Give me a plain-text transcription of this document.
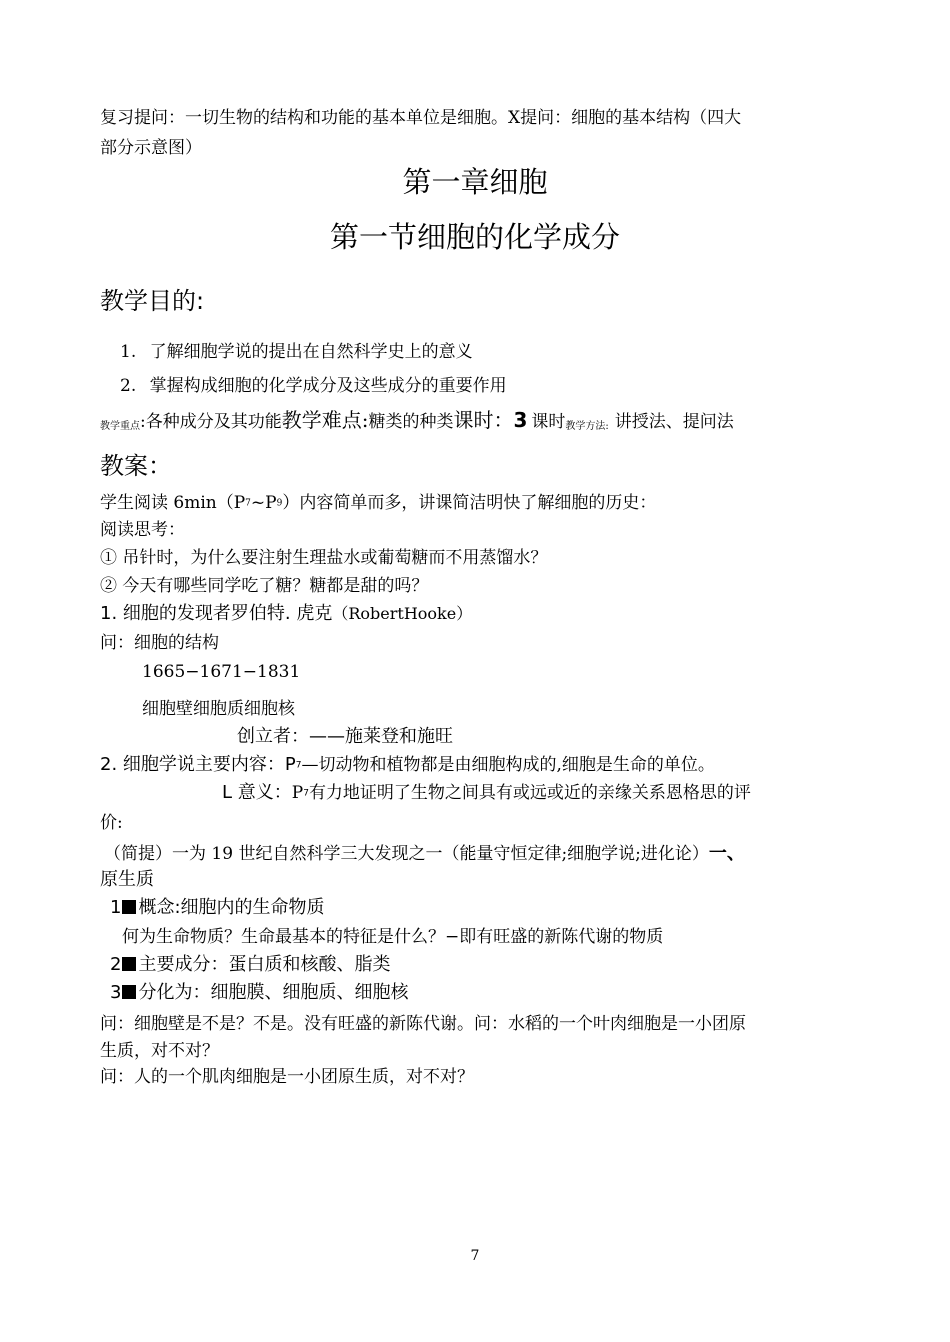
复习提问：一切生物的结构和功能的基本单位是细胞。X提问：细胞的基本结构（四大
部分示意图）
第一章细胞
第一节细胞的化学成分
教学目的:
1. 了解细胞学说的提出在自然科学史上的意义
2. 掌握构成细胞的化学成分及这些成分的重要作用
$_{教学重点}$:各种成分及其功能教学难点:糖类的种类课时：3 课时$_{教学方法:}$ 讲授法、提问法
教案：
学生阅读 $6\min(P^7\sim P^9)$内容简单而多，讲课简洁明快了解细胞的历史：
阅读思考：
① 吊针时，为什么要注射生理盐水或葡萄糖而不用蒸馏水？
② 今天有哪些同学吃了糖？糖都是甜的吗？
1. 细胞的发现者罗伯特. 虎克（RobertHooke）
问：细胞的结构
1665−1671−1831
细胞壁细胞质细胞核
创立者：——施莱登和施旺
2. 细胞学说主要内容：$P^7—$切动物和植物都是由细胞构成的,细胞是生命的单位。
L 意义：$P^7$有力地证明了生物之间具有或远或近的亲缘关系恩格思的评
价:
（简提）一为 19 世纪自然科学三大发现之一（能量守恒定律;细胞学说;进化论）一、
原生质
1 概念:细胞内的生命物质
何为生命物质？生命最基本的特征是什么？−即有旺盛的新陈代谢的物质
2 主要成分：蛋白质和核酸、脂类
3 分化为：细胞膜、细胞质、细胞核
问：细胞壁是不是？不是。没有旺盛的新陈代谢。问：水稻的一个叶肉细胞是一小团原
生质，对不对？
问：人的一个肌肉细胞是一小团原生质，对不对？
7
